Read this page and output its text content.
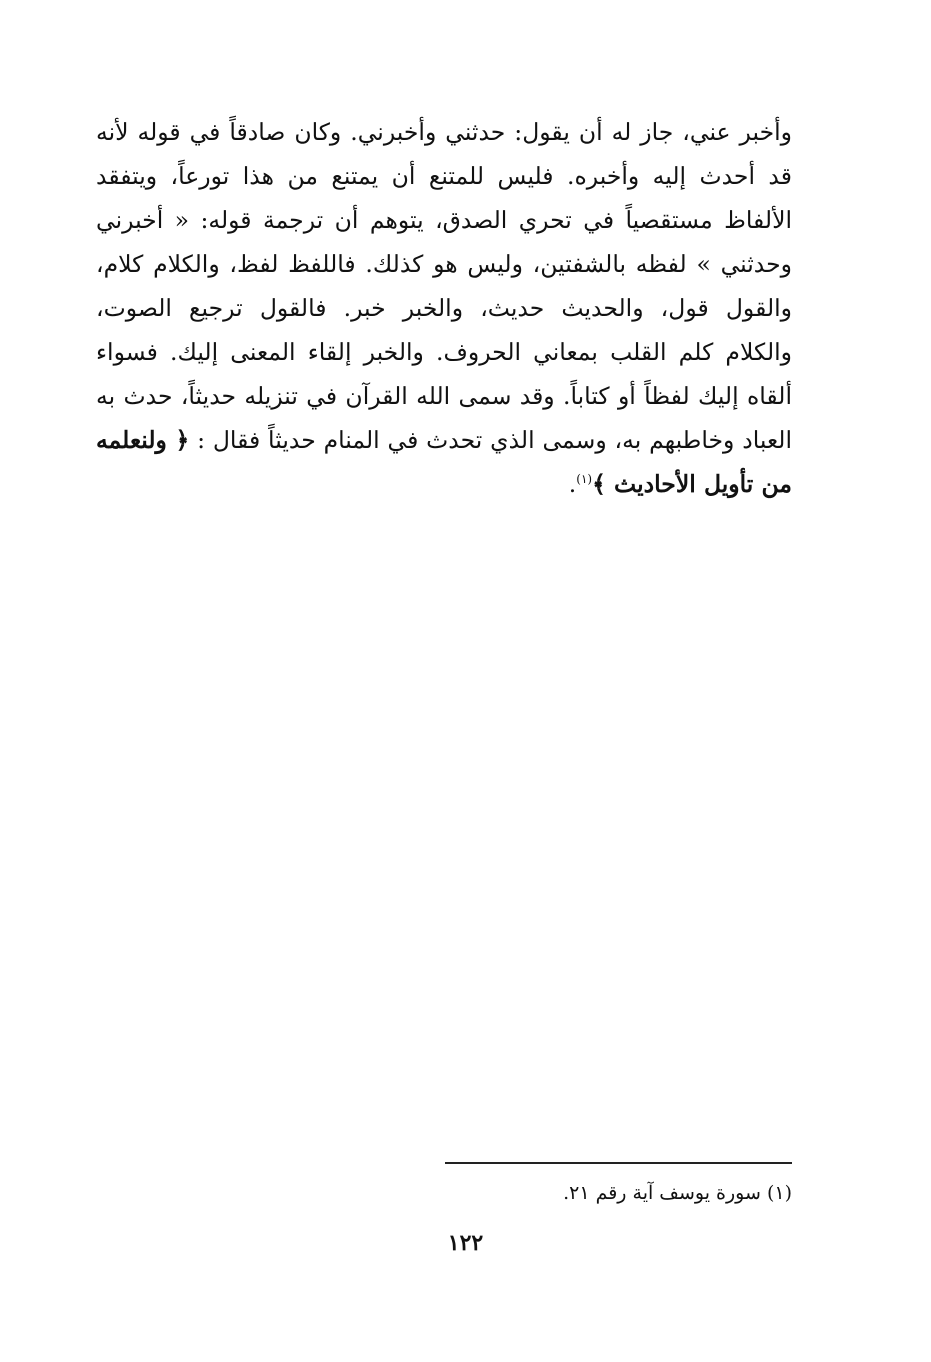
وأخبر عني، جاز له أن يقول: حدثني وأخبرني. وكان صادقاً في قوله لأنه
قد أحدث إليه وأخبره. فليس للمتنع أن يمتنع من هذا تورعاً، ويتفقد
الألفاظ مستقصياً في تحري الصدق، يتوهم أن ترجمة قوله: « أخبرني
وحدثني » لفظه بالشفتين، وليس هو كذلك. فاللفظ لفظ، والكلام كلام،
والقول قول، والحديث حديث، والخبر خبر. فالقول ترجيع الصوت،
والكلام كلم القلب بمعاني الحروف. والخبر إلقاء المعنى إليك. فسواء
ألقاه إليك لفظاً أو كتاباً. وقد سمى الله القرآن في تنزيله حديثاً، حدث به
العباد وخاطبهم به، وسمى الذي تحدث في المنام حديثاً فقال : ﴿ ولنعلمه
من تأويل الأحاديث ﴾$^{(١)}$.
(١) سورة يوسف آية رقم ٢١.
١٢٢
